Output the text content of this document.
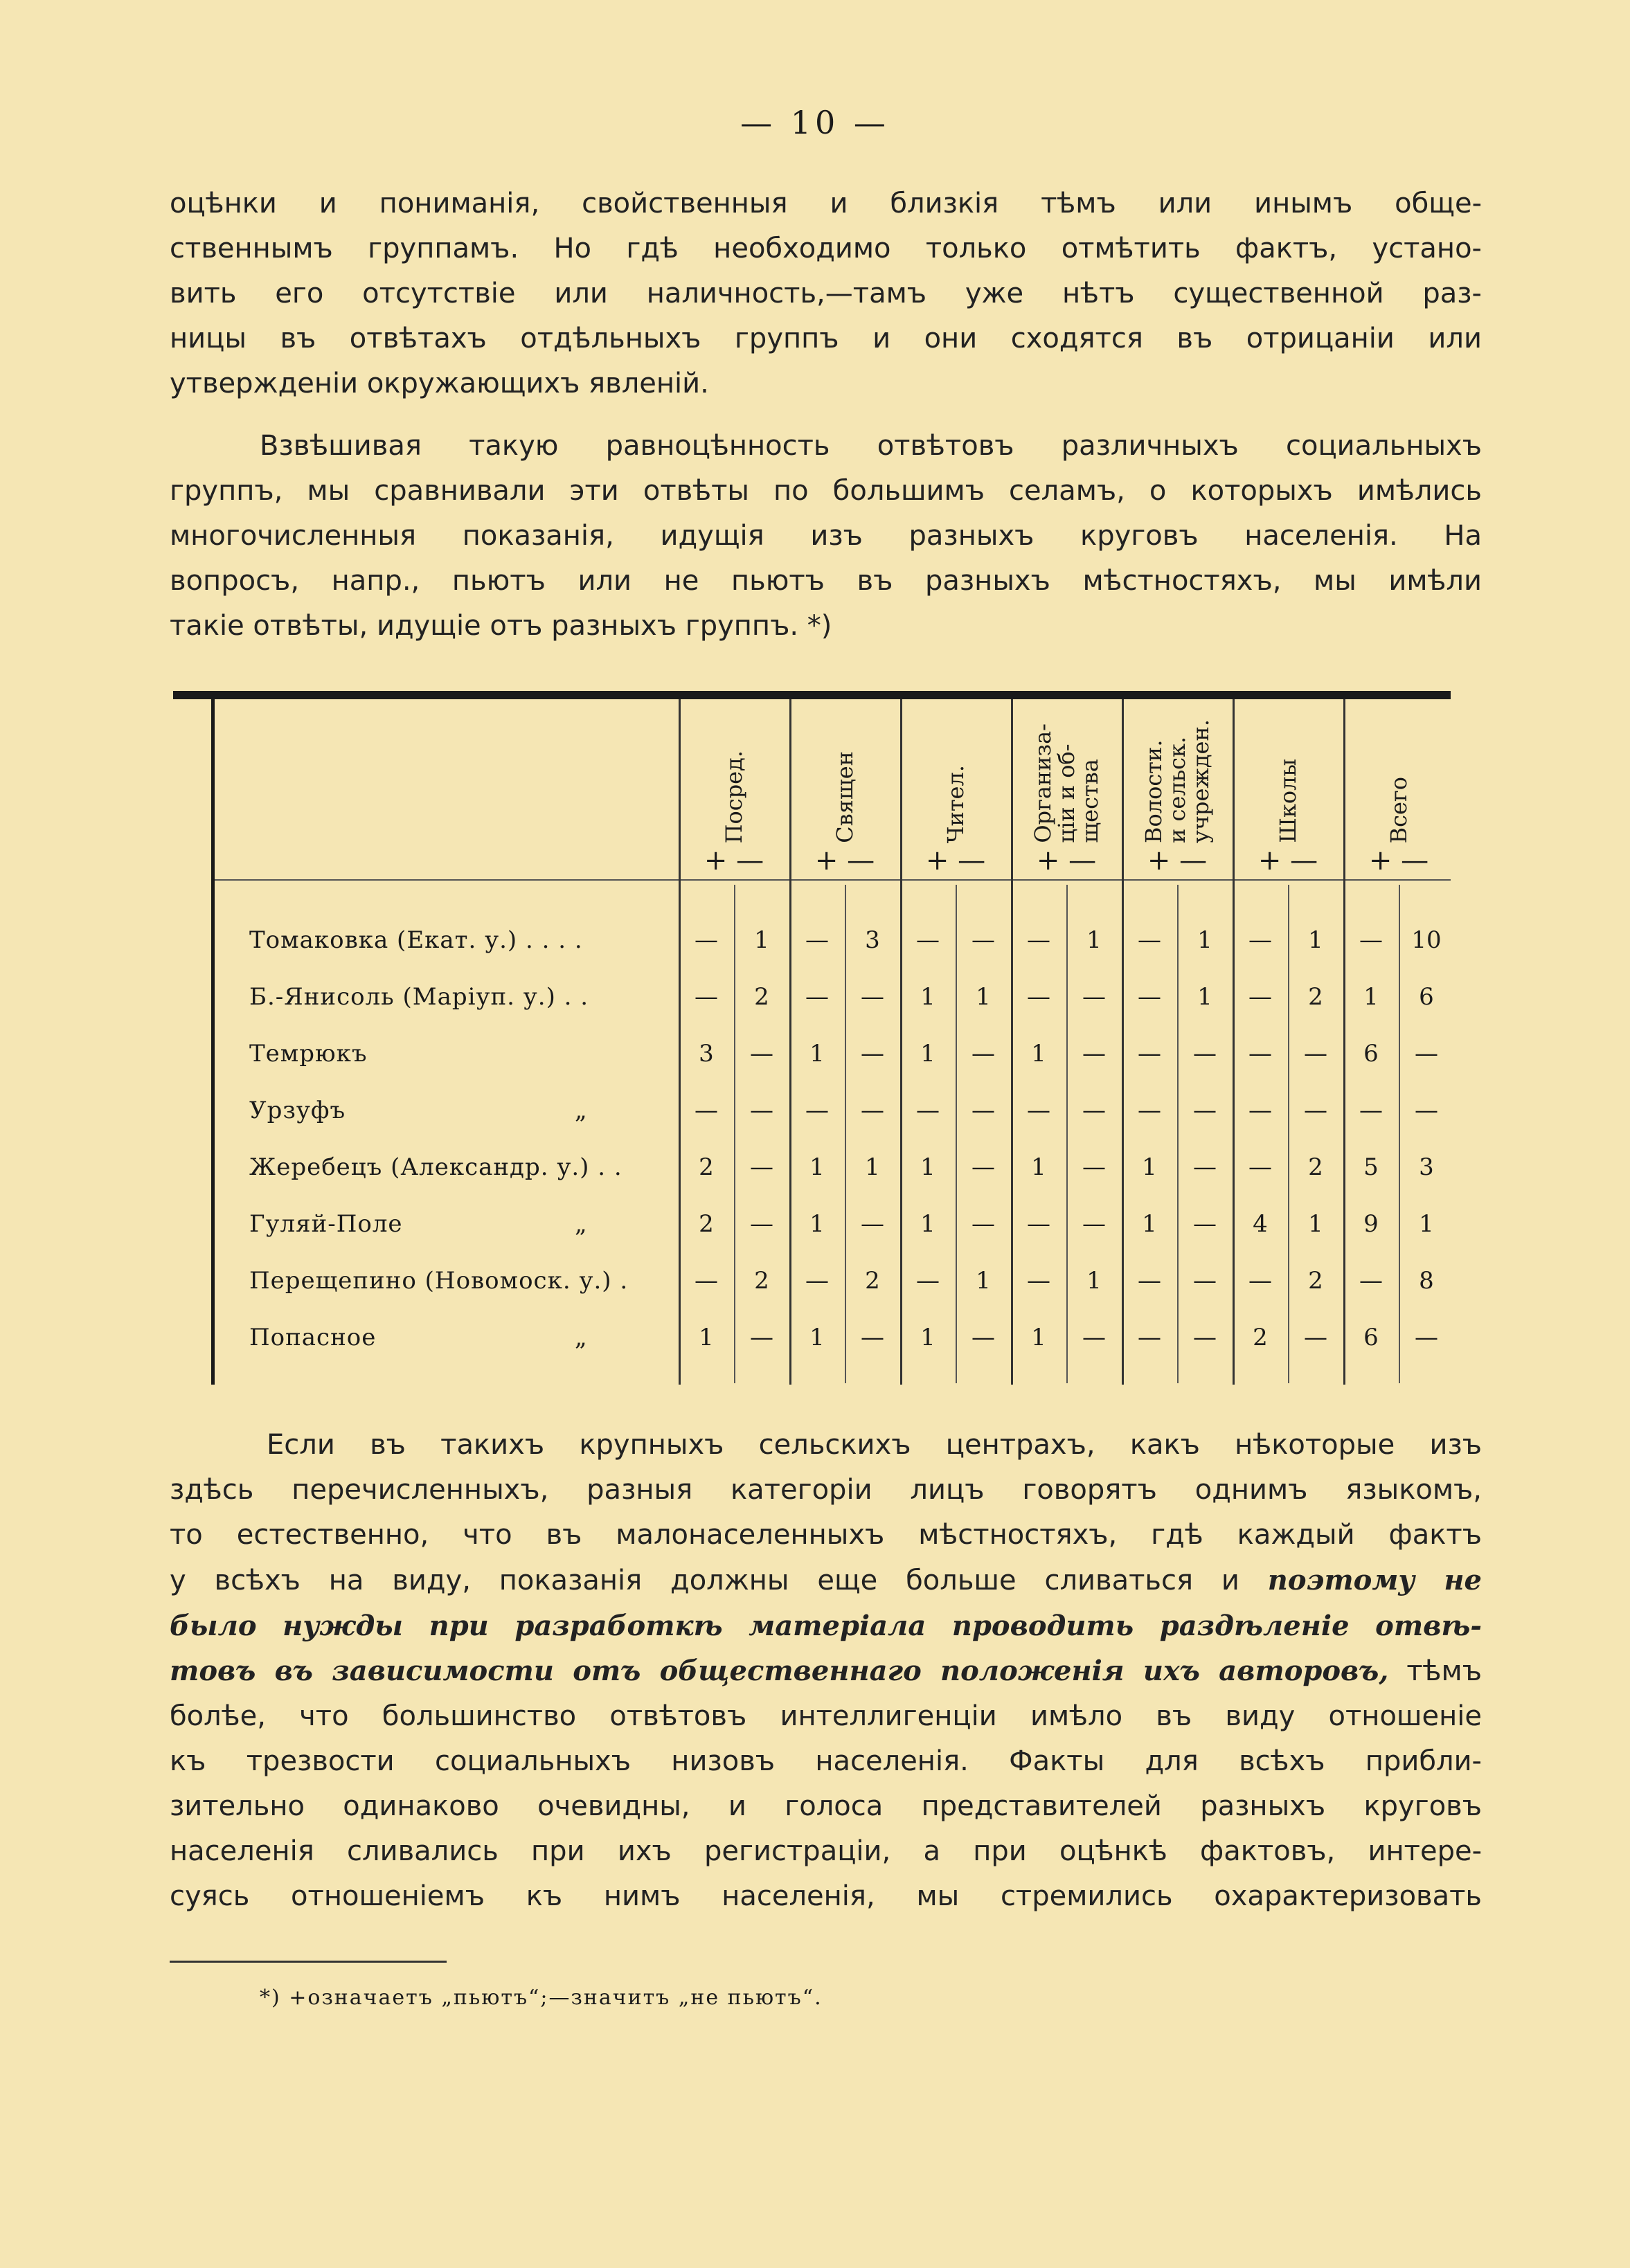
— 10 —
оцѣнки и пониманія, свойственныя и близкія тѣмъ или инымъ обще-
ственнымъ группамъ. Но гдѣ необходимо только отмѣтить фактъ, устано-
вить его отсутствіе или наличность,—тамъ уже нѣтъ существенной раз-
ницы въ отвѣтахъ отдѣльныхъ группъ и они сходятся въ отрицаніи или
утвержденіи окружающихъ явленій.
Взвѣшивая такую равноцѣнность отвѣтовъ различныхъ социальныхъ
группъ, мы сравнивали эти отвѣты по большимъ селамъ, о которыхъ имѣлись
многочисленныя показанія, идущія изъ разныхъ круговъ населенія. На
вопросъ, напр., пьютъ или не пьютъ въ разныхъ мѣстностяхъ, мы имѣли
такіе отвѣты, идущіе отъ разныхъ группъ. *)
Посред.
+ —
Священ
+ —
Чител.
+ —
Организа-
ціи и об-
щества
+ —
Волости.
и сельск.
учрежден.
+ —
Школы
+ —
Всего
+ —
Томаковка (Екат. у.) . . . .	—	1	—	3	—	—	—	1	—	1	—	1	—	10
Б.-Янисоль (Маріуп. у.) . .	—	2	—	—	1	1	—	—	—	1	—	2	1	6
Темрюкъ	3	—	1	—	1	—	1	—	—	—	—	—	6	—
Урзуфъ	„	—	—	—	—	—	—	—	—	—	—	—	—	—	—
Жеребецъ (Александр. у.) . .	2	—	1	1	1	—	1	—	1	—	—	2	5	3
Гуляй-Поле	„	2	—	1	—	1	—	—	—	1	—	4	1	9	1
Перещепино (Новомоск. у.) .	—	2	—	2	—	1	—	1	—	—	—	2	—	8
Попасное	„	1	—	1	—	1	—	1	—	—	—	2	—	6	—
Если въ такихъ крупныхъ сельскихъ центрахъ, какъ нѣкоторые изъ
здѣсь перечисленныхъ, разныя категоріи лицъ говорятъ однимъ языкомъ,
то естественно, что въ малонаселенныхъ мѣстностяхъ, гдѣ каждый фактъ
у всѣхъ на виду, показанія должны еще больше сливаться и поэтому не
было нужды при разработкѣ матеріала проводить раздѣленіе отвѣ-
товъ въ зависимости отъ общественнаго положенія ихъ авторовъ, тѣмъ
болѣе, что большинство отвѣтовъ интеллигенціи имѣло въ виду отношеніе
къ трезвости социальныхъ низовъ населенія. Факты для всѣхъ прибли-
зительно одинаково очевидны, и голоса представителей разныхъ круговъ
населенія сливались при ихъ регистраціи, а при оцѣнкѣ фактовъ, интере-
суясь отношеніемъ къ нимъ населенія, мы стремились охарактеризовать
*) +означаетъ „пьютъ“;—значитъ „не пьютъ“.
